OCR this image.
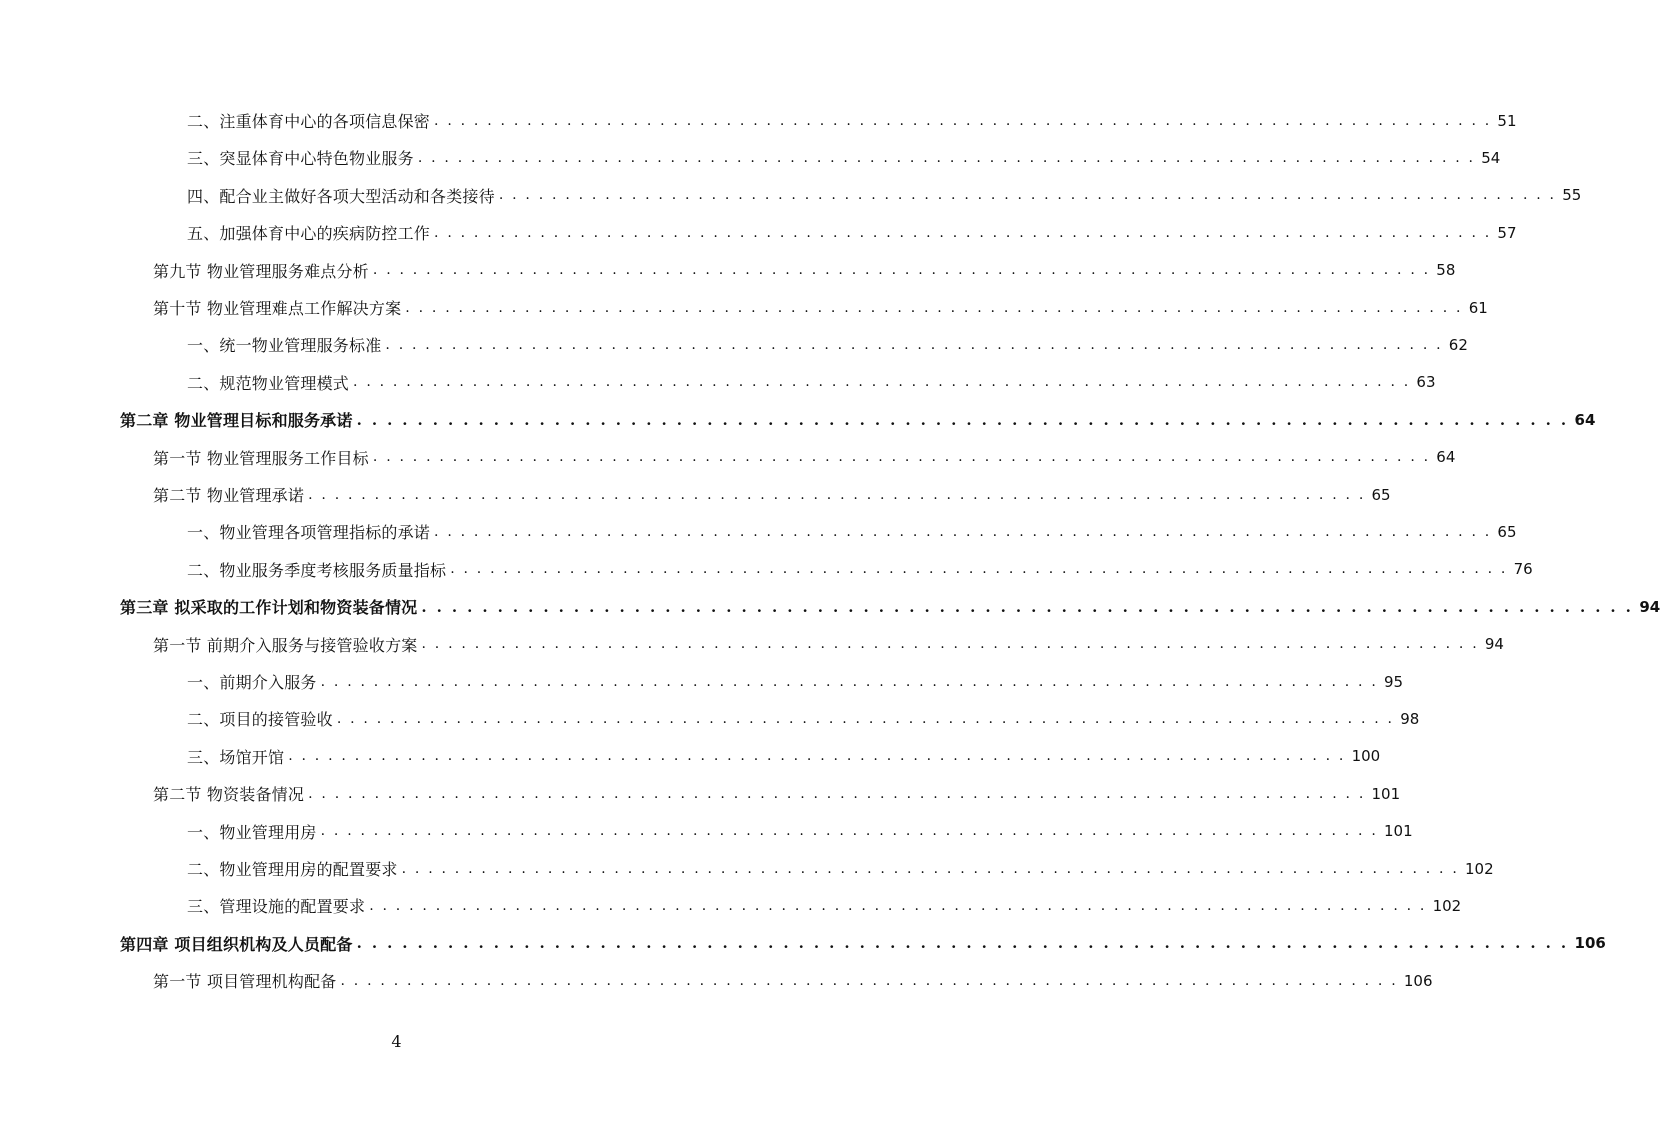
二、注重体育中心的各项信息保密 . . . . . . . . . . . . . . . . . . . . . . . . . . . . . . . . . . . . . . . . . . . . . . . . . . . . . . . . . . . . . . . . . . . . . . . . . . . . . . . . 51
三、突显体育中心特色物业服务 . . . . . . . . . . . . . . . . . . . . . . . . . . . . . . . . . . . . . . . . . . . . . . . . . . . . . . . . . . . . . . . . . . . . . . . . . . . . . . . . 54
四、配合业主做好各项大型活动和各类接待 . . . . . . . . . . . . . . . . . . . . . . . . . . . . . . . . . . . . . . . . . . . . . . . . . . . . . . . . . . . . . . . . . . . . . . . . . . . . . . . . 55
五、加强体育中心的疾病防控工作 . . . . . . . . . . . . . . . . . . . . . . . . . . . . . . . . . . . . . . . . . . . . . . . . . . . . . . . . . . . . . . . . . . . . . . . . . . . . . . . . 57
第九节 物业管理服务难点分析 . . . . . . . . . . . . . . . . . . . . . . . . . . . . . . . . . . . . . . . . . . . . . . . . . . . . . . . . . . . . . . . . . . . . . . . . . . . . . . . . 58
第十节 物业管理难点工作解决方案 . . . . . . . . . . . . . . . . . . . . . . . . . . . . . . . . . . . . . . . . . . . . . . . . . . . . . . . . . . . . . . . . . . . . . . . . . . . . . . . . 61
一、统一物业管理服务标准 . . . . . . . . . . . . . . . . . . . . . . . . . . . . . . . . . . . . . . . . . . . . . . . . . . . . . . . . . . . . . . . . . . . . . . . . . . . . . . . . 62
二、规范物业管理模式 . . . . . . . . . . . . . . . . . . . . . . . . . . . . . . . . . . . . . . . . . . . . . . . . . . . . . . . . . . . . . . . . . . . . . . . . . . . . . . . . 63
第二章 物业管理目标和服务承诺 . . . . . . . . . . . . . . . . . . . . . . . . . . . . . . . . . . . . . . . . . . . . . . . . . . . . . . . . . . . . . . . . . . . . . . . . . . . . . . . . 64
第一节 物业管理服务工作目标 . . . . . . . . . . . . . . . . . . . . . . . . . . . . . . . . . . . . . . . . . . . . . . . . . . . . . . . . . . . . . . . . . . . . . . . . . . . . . . . . 64
第二节 物业管理承诺 . . . . . . . . . . . . . . . . . . . . . . . . . . . . . . . . . . . . . . . . . . . . . . . . . . . . . . . . . . . . . . . . . . . . . . . . . . . . . . . . 65
一、物业管理各项管理指标的承诺 . . . . . . . . . . . . . . . . . . . . . . . . . . . . . . . . . . . . . . . . . . . . . . . . . . . . . . . . . . . . . . . . . . . . . . . . . . . . . . . . 65
二、物业服务季度考核服务质量指标 . . . . . . . . . . . . . . . . . . . . . . . . . . . . . . . . . . . . . . . . . . . . . . . . . . . . . . . . . . . . . . . . . . . . . . . . . . . . . . . . 76
第三章 拟采取的工作计划和物资装备情况 . . . . . . . . . . . . . . . . . . . . . . . . . . . . . . . . . . . . . . . . . . . . . . . . . . . . . . . . . . . . . . . . . . . . . . . . . . . . . . . . 94
第一节 前期介入服务与接管验收方案 . . . . . . . . . . . . . . . . . . . . . . . . . . . . . . . . . . . . . . . . . . . . . . . . . . . . . . . . . . . . . . . . . . . . . . . . . . . . . . . . 94
一、前期介入服务 . . . . . . . . . . . . . . . . . . . . . . . . . . . . . . . . . . . . . . . . . . . . . . . . . . . . . . . . . . . . . . . . . . . . . . . . . . . . . . . . 95
二、项目的接管验收 . . . . . . . . . . . . . . . . . . . . . . . . . . . . . . . . . . . . . . . . . . . . . . . . . . . . . . . . . . . . . . . . . . . . . . . . . . . . . . . . 98
三、场馆开馆 . . . . . . . . . . . . . . . . . . . . . . . . . . . . . . . . . . . . . . . . . . . . . . . . . . . . . . . . . . . . . . . . . . . . . . . . . . . . . . . . 100
第二节 物资装备情况 . . . . . . . . . . . . . . . . . . . . . . . . . . . . . . . . . . . . . . . . . . . . . . . . . . . . . . . . . . . . . . . . . . . . . . . . . . . . . . . . 101
一、物业管理用房 . . . . . . . . . . . . . . . . . . . . . . . . . . . . . . . . . . . . . . . . . . . . . . . . . . . . . . . . . . . . . . . . . . . . . . . . . . . . . . . . 101
二、物业管理用房的配置要求 . . . . . . . . . . . . . . . . . . . . . . . . . . . . . . . . . . . . . . . . . . . . . . . . . . . . . . . . . . . . . . . . . . . . . . . . . . . . . . . . 102
三、管理设施的配置要求 . . . . . . . . . . . . . . . . . . . . . . . . . . . . . . . . . . . . . . . . . . . . . . . . . . . . . . . . . . . . . . . . . . . . . . . . . . . . . . . . 102
第四章 项目组织机构及人员配备 . . . . . . . . . . . . . . . . . . . . . . . . . . . . . . . . . . . . . . . . . . . . . . . . . . . . . . . . . . . . . . . . . . . . . . . . . . . . . . . . 106
第一节 项目管理机构配备 . . . . . . . . . . . . . . . . . . . . . . . . . . . . . . . . . . . . . . . . . . . . . . . . . . . . . . . . . . . . . . . . . . . . . . . . . . . . . . . . 106
4
